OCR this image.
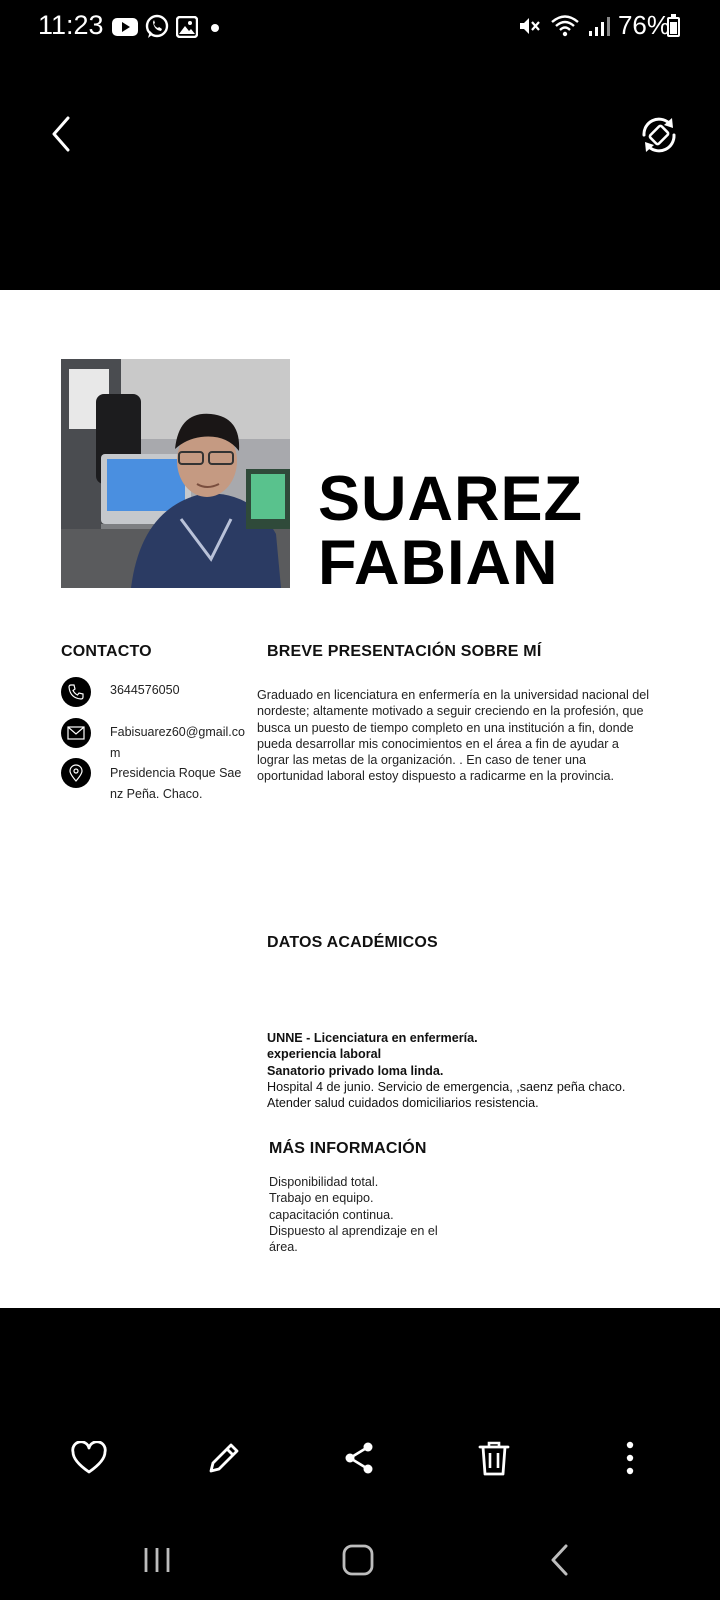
11:23	76%
SUAREZ
FABIAN
CONTACTO
3644576050
Fabisuarez60@gmail.com
Presidencia Roque Saenz Peña. Chaco.
BREVE PRESENTACIÓN SOBRE MÍ
Graduado en licenciatura en enfermería en la universidad nacional del nordeste; altamente motivado a seguir creciendo en la profesión, que busca un puesto de tiempo completo en una institución a fin, donde pueda desarrollar mis conocimientos en el área a fin de ayudar a lograr las metas de la organización. . En caso de tener una oportunidad laboral estoy dispuesto a radicarme en la provincia.
DATOS ACADÉMICOS
UNNE - Licenciatura en enfermería.
experiencia laboral
Sanatorio privado loma linda.
Hospital 4 de junio. Servicio de emergencia, ,saenz peña chaco.
Atender salud cuidados domiciliarios resistencia.
MÁS INFORMACIÓN
Disponibilidad total.
Trabajo en equipo.
capacitación continua.
Dispuesto al aprendizaje en el área.
